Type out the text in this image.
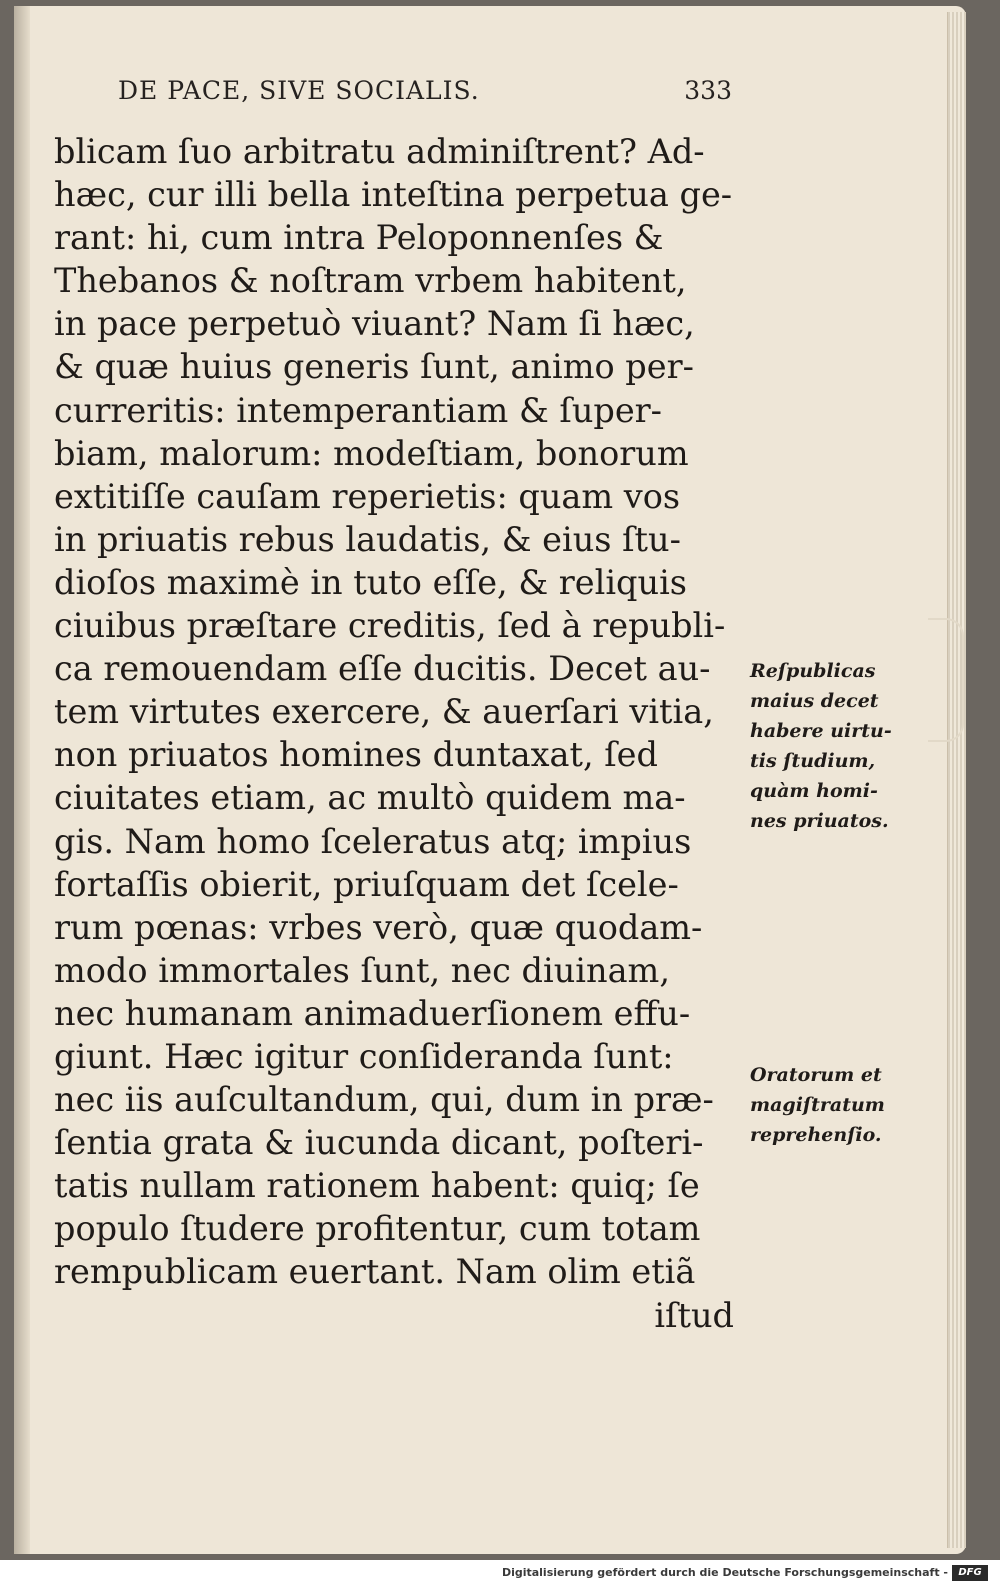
DE PACE, SIVE SOCIALIS.	333
blicam ſuo arbitratu adminiſtrent? Ad-
hæc, cur illi bella inteſtina perpetua ge-
rant: hi, cum intra Peloponnenſes &
Thebanos & noſtram vrbem habitent,
in pace perpetuò viuant? Nam ſi hæc,
& quæ huius generis ſunt, animo per-
curreritis: intemperantiam & ſuper-
biam, malorum: modeſtiam, bonorum
extitiſſe cauſam reperietis: quam vos
in priuatis rebus laudatis, & eius ſtu-
dioſos maximè in tuto eſſe, & reliquis
ciuibus præſtare creditis, ſed à republi-
ca remouendam eſſe ducitis. Decet au-
tem virtutes exercere, & auerſari vitia,
non priuatos homines duntaxat, ſed
ciuitates etiam, ac multò quidem ma-
gis. Nam homo ſceleratus atq; impius
fortaſſis obierit, priuſquam det ſcele-
rum pœnas: vrbes verò, quæ quodam-
modo immortales ſunt, nec diuinam,
nec humanam animaduerſionem effu-
giunt. Hæc igitur conſideranda ſunt:
nec iis auſcultandum, qui, dum in præ-
ſentia grata & iucunda dicant, poſteri-
tatis nullam rationem habent: quiq; ſe
populo ſtudere profitentur, cum totam
rempublicam euertant. Nam olim etiã
iſtud
Reſpublicas
maius decet
habere uirtu-
tis ſtudium,
quàm homi-
nes priuatos.
Oratorum et
magiſtratum
reprehenſio.
Digitalisierung gefördert durch die Deutsche Forschungsgemeinschaft -	DFG
